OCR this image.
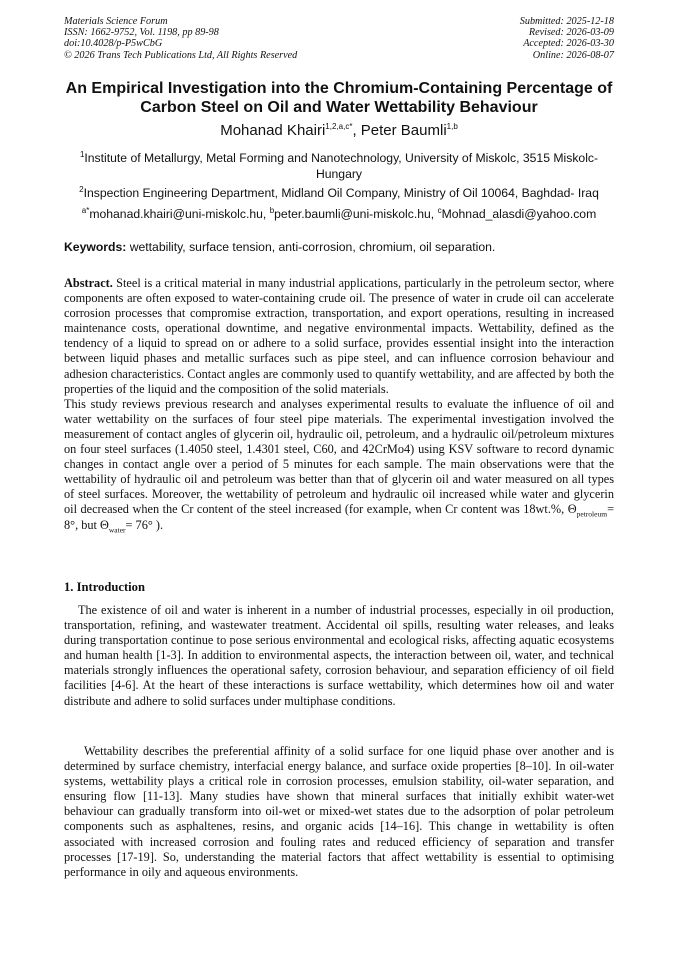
Materials Science Forum
ISSN: 1662-9752, Vol. 1198, pp 89-98
doi:10.4028/p-P5wCbG
© 2026 Trans Tech Publications Ltd, All Rights Reserved
Submitted: 2025-12-18
Revised: 2026-03-09
Accepted: 2026-03-30
Online: 2026-08-07
An Empirical Investigation into the Chromium-Containing Percentage of
Carbon Steel on Oil and Water Wettability Behaviour
Mohanad Khairi$^{1,2,a,c*}$, Peter Baumli$^{1,b}$
$^1$Institute of Metallurgy, Metal Forming and Nanotechnology, University of Miskolc, 3515 Miskolc- Hungary
$^2$Inspection Engineering Department, Midland Oil Company, Ministry of Oil 10064, Baghdad- Iraq
$^{a*}$mohanad.khairi@uni-miskolc.hu, $^b$peter.baumli@uni-miskolc.hu, $^c$Mohnad_alasdi@yahoo.com
Keywords: wettability, surface tension, anti-corrosion, chromium, oil separation.

Abstract. Steel is a critical material in many industrial applications, particularly in the petroleum sector, where components are often exposed to water-containing crude oil. The presence of water in crude oil can accelerate corrosion processes that compromise extraction, transportation, and export operations, resulting in increased maintenance costs, operational downtime, and negative environmental impacts. Wettability, defined as the tendency of a liquid to spread on or adhere to a solid surface, provides essential insight into the interaction between liquid phases and metallic surfaces such as pipe steel, and can influence corrosion behaviour and adhesion characteristics. Contact angles are commonly used to quantify wettability, and are affected by both the properties of the liquid and the composition of the solid materials.

This study reviews previous research and analyses experimental results to evaluate the influence of oil and water wettability on the surfaces of four steel pipe materials. The experimental investigation involved the measurement of contact angles of glycerin oil, hydraulic oil, petroleum, and a hydraulic oil/petroleum mixtures on four steel surfaces (1.4050 steel, 1.4301 steel, C60, and 42CrMo4) using KSV software to record dynamic changes in contact angle over a period of 5 minutes for each sample. The main observations were that the wettability of hydraulic oil and petroleum was better than that of glycerin oil and water measured on all types of steel surfaces. Moreover, the wettability of petroleum and hydraulic oil increased while water and glycerin oil decreased when the Cr content of the steel increased (for example, when Cr content was 18wt.%, $\Theta_{petroleum}= 8^\circ$, but $\Theta_{water}= 76^\circ$ ).

1. Introduction

The existence of oil and water is inherent in a number of industrial processes, especially in oil production, transportation, refining, and wastewater treatment. Accidental oil spills, resulting water releases, and leaks during transportation continue to pose serious environmental and ecological risks, affecting aquatic ecosystems and human health [1-3]. In addition to environmental aspects, the interaction between oil, water, and technical materials strongly influences the operational safety, corrosion behaviour, and separation efficiency of oil field facilities [4-6]. At the heart of these interactions is surface wettability, which determines how oil and water distribute and adhere to solid surfaces under multiphase conditions.

Wettability describes the preferential affinity of a solid surface for one liquid phase over another and is determined by surface chemistry, interfacial energy balance, and surface oxide properties [8–10]. In oil-water systems, wettability plays a critical role in corrosion processes, emulsion stability, oil-water separation, and ensuring flow [11-13]. Many studies have shown that mineral surfaces that initially exhibit water-wet behaviour can gradually transform into oil-wet or mixed-wet states due to the adsorption of polar petroleum components such as asphaltenes, resins, and organic acids [14–16]. This change in wettability is often associated with increased corrosion and fouling rates and reduced efficiency of separation and transfer processes [17-19]. So, understanding the material factors that affect wettability is essential to optimising performance in oily and aqueous environments.
